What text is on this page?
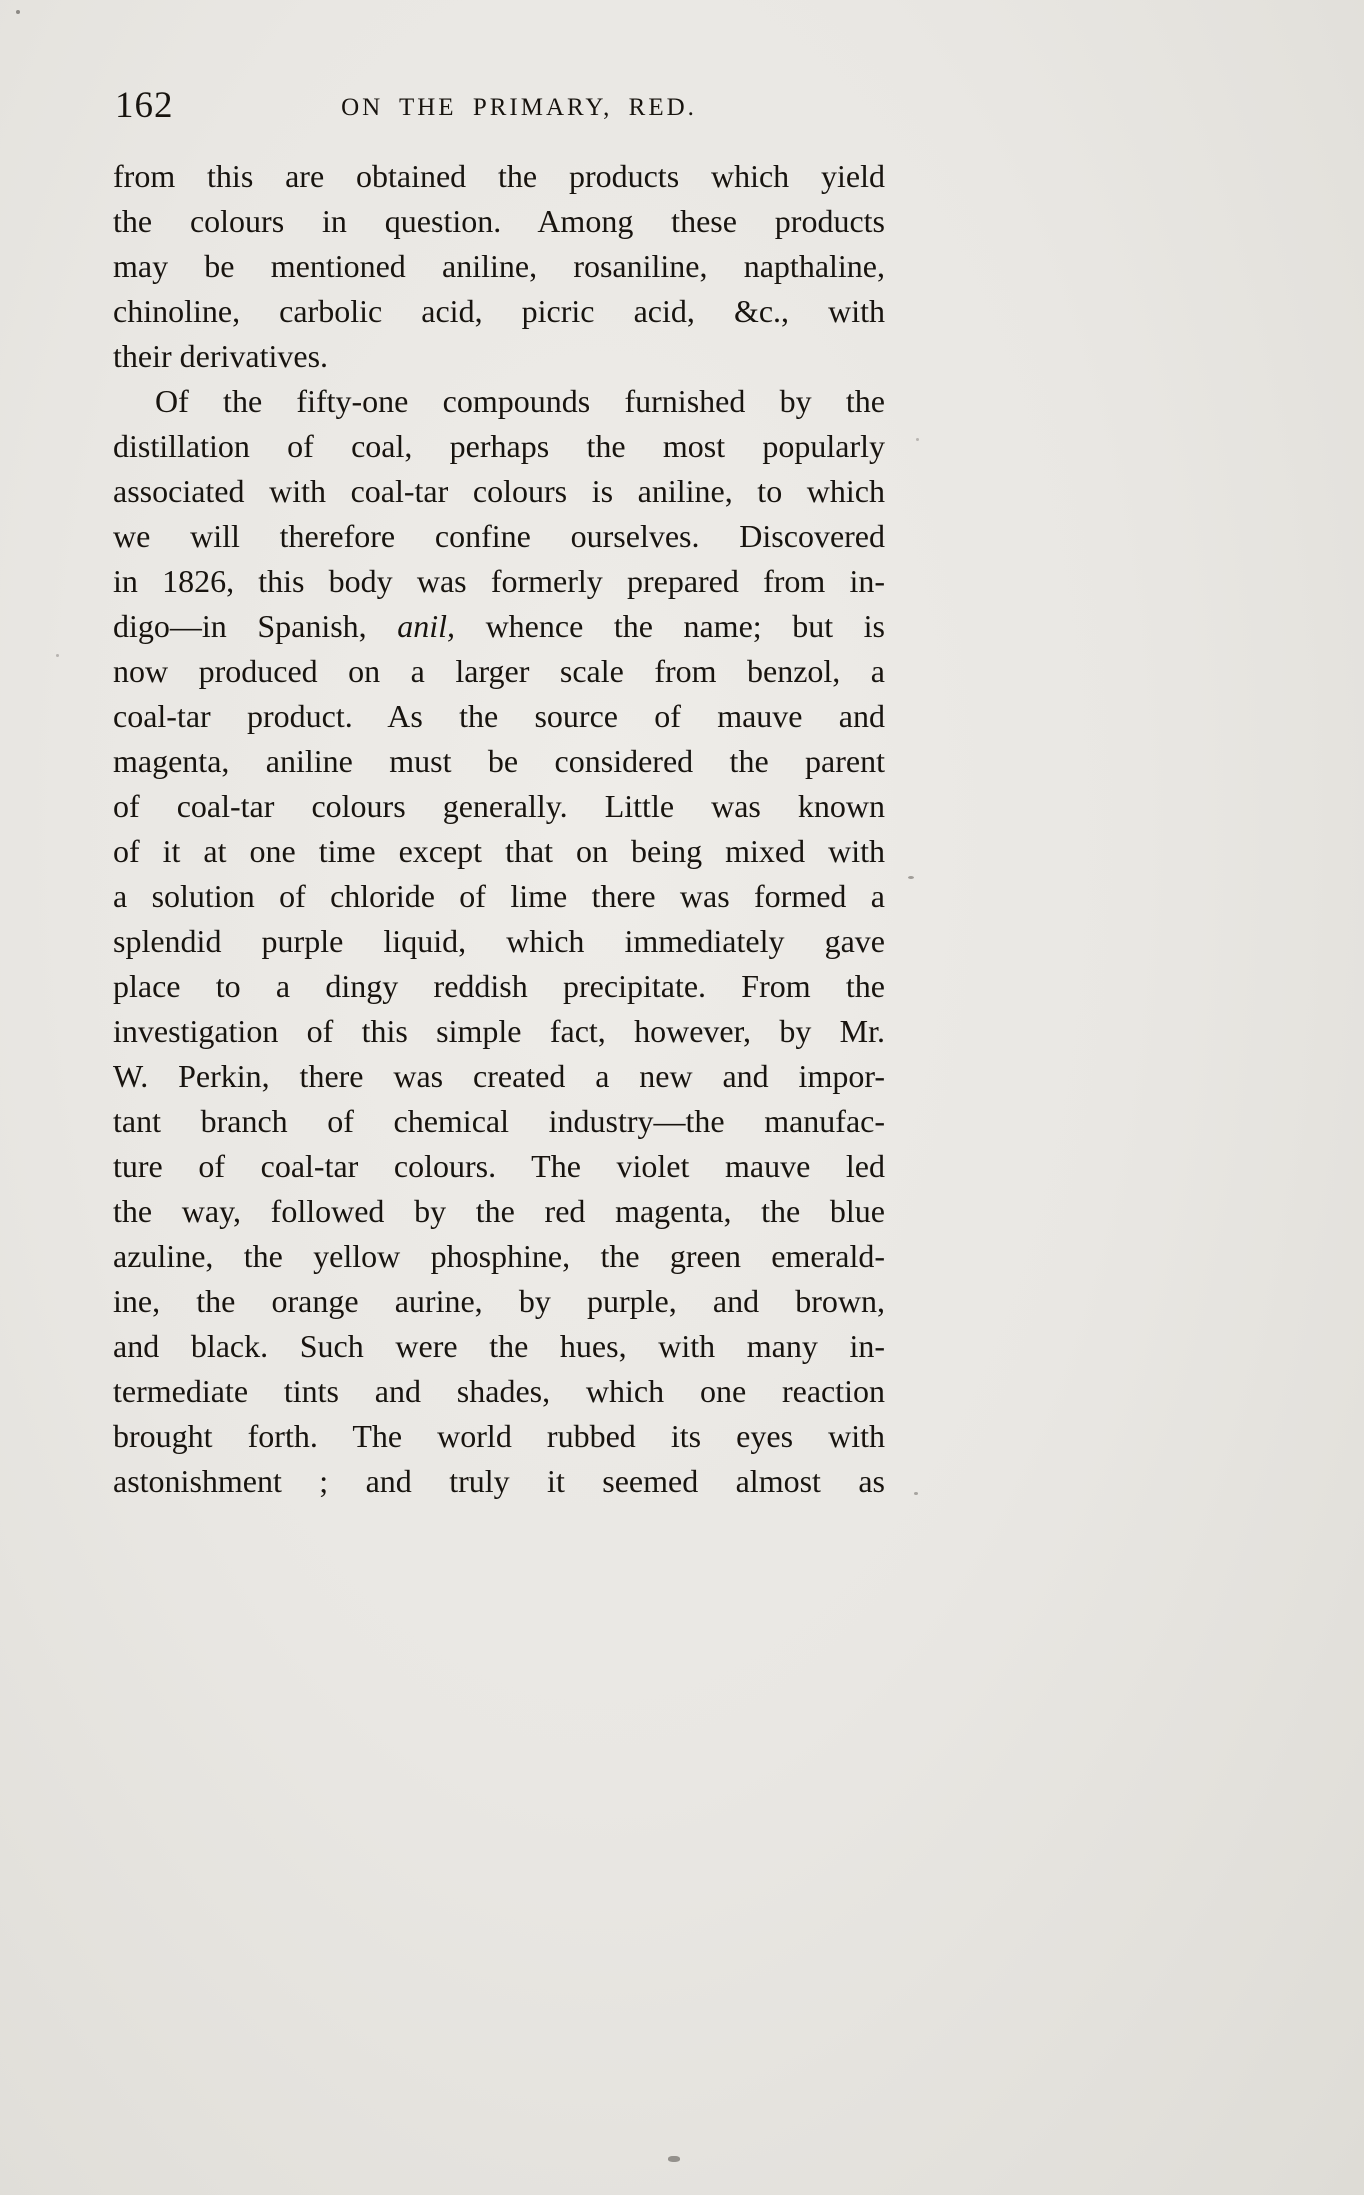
162	ON THE PRIMARY, RED.
from this are obtained the products which yield
the colours in question. Among these products
may be mentioned aniline, rosaniline, napthaline,
chinoline, carbolic acid, picric acid, &c., with
their derivatives.
Of the fifty-one compounds furnished by the
distillation of coal, perhaps the most popularly
associated with coal-tar colours is aniline, to which
we will therefore confine ourselves. Discovered
in 1826, this body was formerly prepared from in-
digo—in Spanish, anil, whence the name; but is
now produced on a larger scale from benzol, a
coal-tar product. As the source of mauve and
magenta, aniline must be considered the parent
of coal-tar colours generally. Little was known
of it at one time except that on being mixed with
a solution of chloride of lime there was formed a
splendid purple liquid, which immediately gave
place to a dingy reddish precipitate. From the
investigation of this simple fact, however, by Mr.
W. Perkin, there was created a new and impor-
tant branch of chemical industry—the manufac-
ture of coal-tar colours. The violet mauve led
the way, followed by the red magenta, the blue
azuline, the yellow phosphine, the green emerald-
ine, the orange aurine, by purple, and brown,
and black. Such were the hues, with many in-
termediate tints and shades, which one reaction
brought forth. The world rubbed its eyes with
astonishment ; and truly it seemed almost as
